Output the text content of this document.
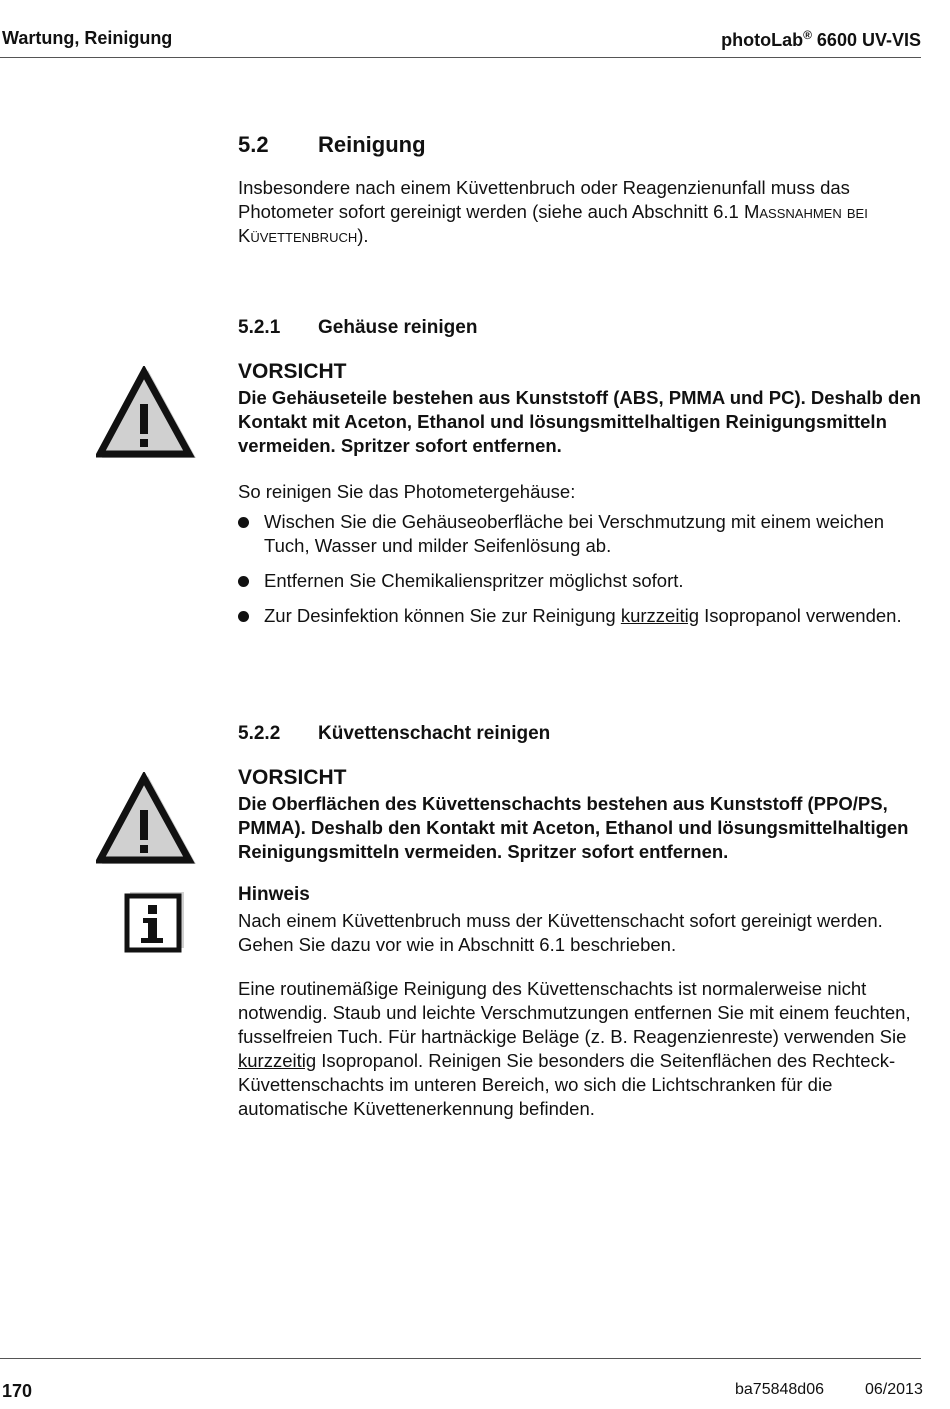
Wartung, Reinigung	photoLab® 6600 UV-VIS
5.2 Reinigung
Insbesondere nach einem Küvettenbruch oder Reagenzienunfall muss das Photometer sofort gereinigt werden (siehe auch Abschnitt 6.1 Maßnahmen bei Küvettenbruch).
5.2.1 Gehäuse reinigen
VORSICHT
Die Gehäuseteile bestehen aus Kunststoff (ABS, PMMA und PC). Deshalb den Kontakt mit Aceton, Ethanol und lösungsmittelhaltigen Reinigungsmitteln vermeiden. Spritzer sofort entfernen.
So reinigen Sie das Photometergehäuse:
Wischen Sie die Gehäuseoberfläche bei Verschmutzung mit einem weichen Tuch, Wasser und milder Seifenlösung ab.
Entfernen Sie Chemikalienspritzer möglichst sofort.
Zur Desinfektion können Sie zur Reinigung kurzzeitig Isopropanol verwenden.
5.2.2 Küvettenschacht reinigen
VORSICHT
Die Oberflächen des Küvettenschachts bestehen aus Kunststoff (PPO/PS, PMMA). Deshalb den Kontakt mit Aceton, Ethanol und lösungsmittelhaltigen Reinigungsmitteln vermeiden. Spritzer sofort entfernen.
Hinweis
Nach einem Küvettenbruch muss der Küvettenschacht sofort gereinigt werden. Gehen Sie dazu vor wie in Abschnitt 6.1 beschrieben.
Eine routinemäßige Reinigung des Küvettenschachts ist normalerweise nicht notwendig. Staub und leichte Verschmutzungen entfernen Sie mit einem feuchten, fusselfreien Tuch. Für hartnäckige Beläge (z. B. Reagenzienreste) verwenden Sie kurzzeitig Isopropanol. Reinigen Sie besonders die Seitenflächen des Rechteck-Küvettenschachts im unteren Bereich, wo sich die Lichtschranken für die automatische Küvettenerkennung befinden.
170	ba75848d06	06/2013
